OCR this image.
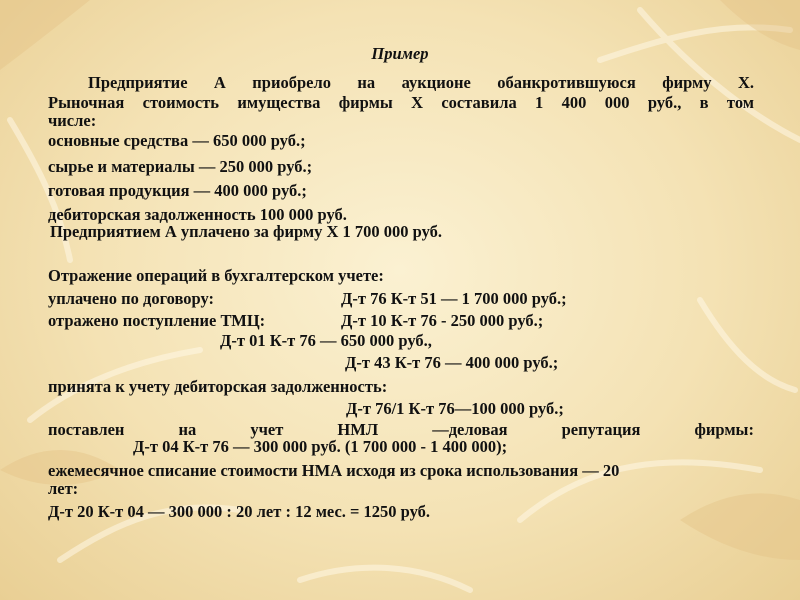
Пример
Предприятие А приобрело на аукционе обанкротившуюся фирму Х.
Рыночная стоимость имущества фирмы Х составила 1 400 000 руб., в том
числе:
основные средства — 650 000 руб.;
сырье и материалы — 250 000 руб.;
готовая продукция — 400 000 руб.;
дебиторская задолженность 100 000 руб.
Предприятием А уплачено за фирму Х 1 700 000 руб.
Отражение операций в бухгалтерском учете:
уплачено по договору:	Д-т 76 К-т 51 — 1 700 000 руб.;
отражено поступление ТМЦ:	Д-т 10 К-т 76 - 250 000 руб.;
Д-т 01 К-т 76 — 650 000 руб.,
Д-т 43 К-т 76 — 400 000 руб.;
принята к учету дебиторская задолженность:
Д-т 76/1 К-т 76—100 000 руб.;
поставлен	на	учет	НМЛ	—деловая	репутация	фирмы:
Д-т 04 К-т 76 — 300 000 руб. (1 700 000 - 1 400 000);
ежемесячное списание стоимости НМА исходя из срока использования — 20
лет:
Д-т 20 К-т 04 — 300 000 : 20 лет : 12 мес. = 1250 руб.
